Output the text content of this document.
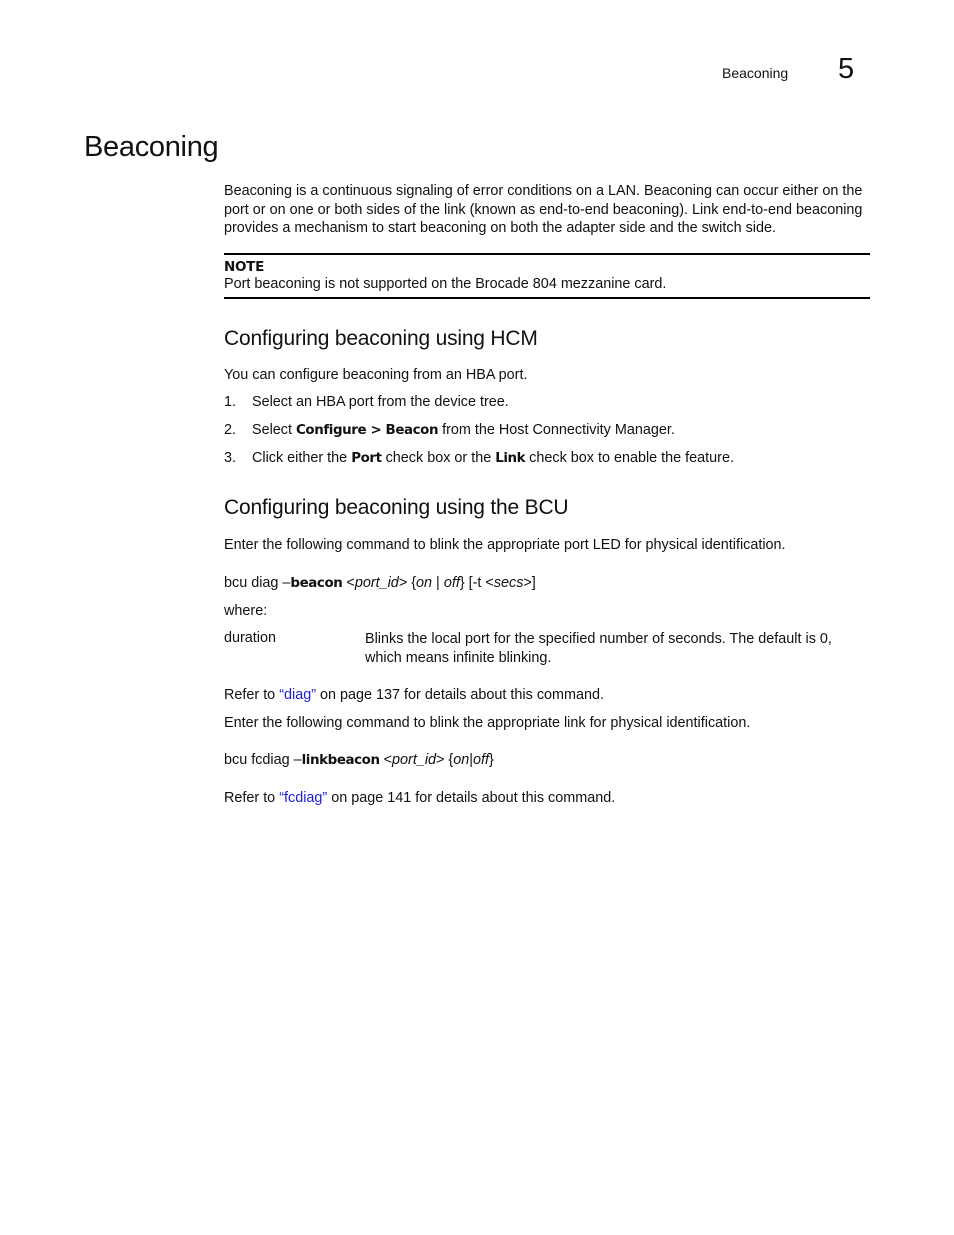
Beaconing 5
Beaconing
Beaconing is a continuous signaling of error conditions on a LAN. Beaconing can occur either on the port or on one or both sides of the link (known as end-to-end beaconing). Link end-to-end beaconing provides a mechanism to start beaconing on both the adapter side and the switch side.
NOTE
Port beaconing is not supported on the Brocade 804 mezzanine card.
Configuring beaconing using HCM
You can configure beaconing from an HBA port.
1. Select an HBA port from the device tree.
2. Select Configure > Beacon from the Host Connectivity Manager.
3. Click either the Port check box or the Link check box to enable the feature.
Configuring beaconing using the BCU
Enter the following command to blink the appropriate port LED for physical identification.
bcu diag –beacon <port_id> {on | off} [-t <secs>]
where:
duration	Blinks the local port for the specified number of seconds. The default is 0, which means infinite blinking.
Refer to “diag” on page 137 for details about this command.
Enter the following command to blink the appropriate link for physical identification.
bcu fcdiag –linkbeacon <port_id> {on|off}
Refer to “fcdiag” on page 141 for details about this command.
